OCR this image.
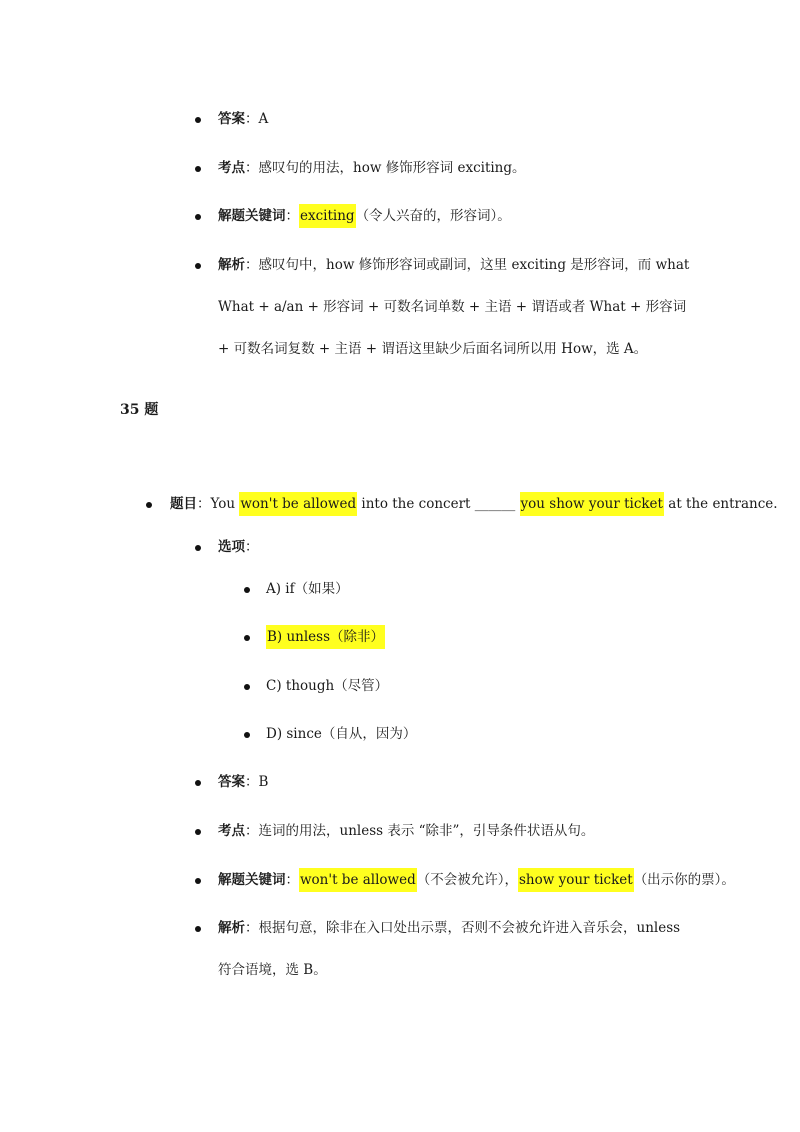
答案：A
考点：感叹句的用法，how 修饰形容词 exciting。
解题关键词：exciting（令人兴奋的，形容词）。
解析：感叹句中，how 修饰形容词或副词，这里 exciting 是形容词，而 what
What + a/an + 形容词 + 可数名词单数 + 主语 + 谓语或者 What + 形容词
+ 可数名词复数 + 主语 + 谓语这里缺少后面名词所以用 How，选 A。
35 题
题目：You won't be allowed into the concert ______ you show your ticket at the entrance.
选项：
A) if（如果）
B) unless（除非）
C) though（尽管）
D) since（自从，因为）
答案：B
考点：连词的用法，unless 表示 “除非”，引导条件状语从句。
解题关键词：won't be allowed（不会被允许），show your ticket（出示你的票）。
解析：根据句意，除非在入口处出示票，否则不会被允许进入音乐会，unless
符合语境，选 B。
